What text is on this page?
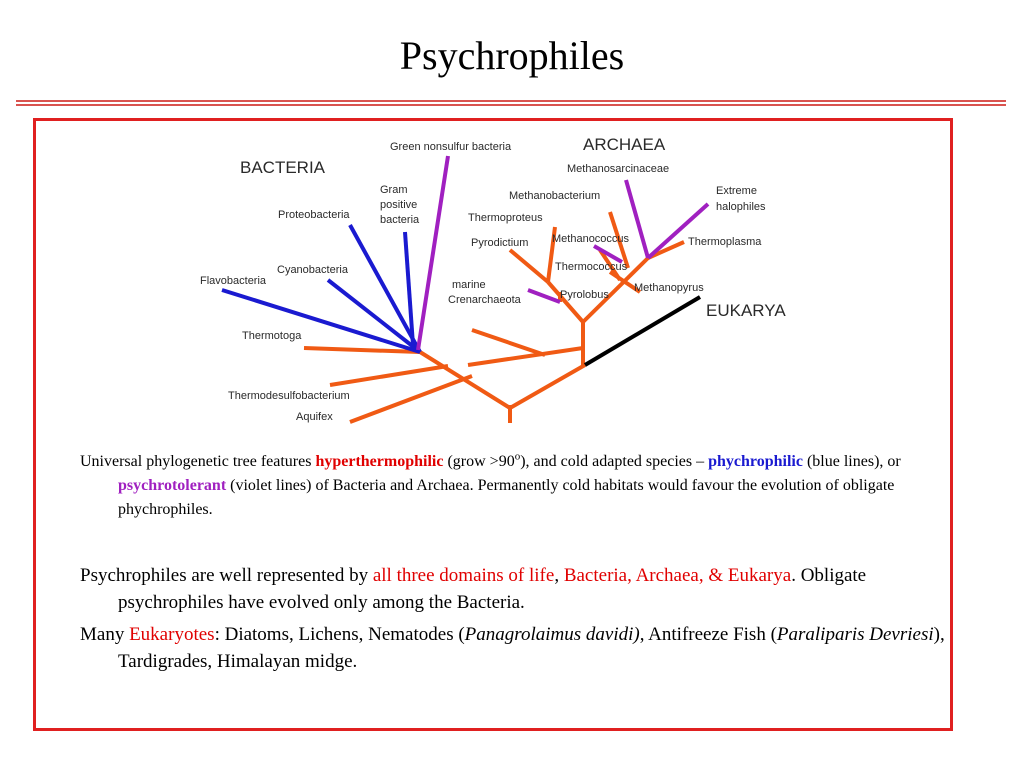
Psychrophiles
BACTERIA
ARCHAEA
EUKARYA
Green nonsulfur bacteria
Gram
positive
bacteria
Proteobacteria
Cyanobacteria
Flavobacteria
Thermotoga
Thermodesulfobacterium
Aquifex
Methanosarcinaceae
Methanobacterium	Extreme
halophiles
Thermoproteus
Pyrodictium Methanococcus	Thermoplasma
Thermococcus
marine
Crenarchaeota	Pyrolobus
Methanopyrus

Universal phylogenetic tree features hyperthermophilic (grow $>90^o$), and cold adapted species – phychrophilic (blue lines), or psychrotolerant (violet lines) of Bacteria and Archaea. Permanently cold habitats would favour the evolution of obligate phychrophiles.

Psychrophiles are well represented by all three domains of life, Bacteria, Archaea, & Eukarya. Obligate psychrophiles have evolved only among the Bacteria.

Many Eukaryotes: Diatoms, Lichens, Nematodes (Panagrolaimus davidi), Antifreeze Fish (Paraliparis Devriesi), Tardigrades, Himalayan midge.
